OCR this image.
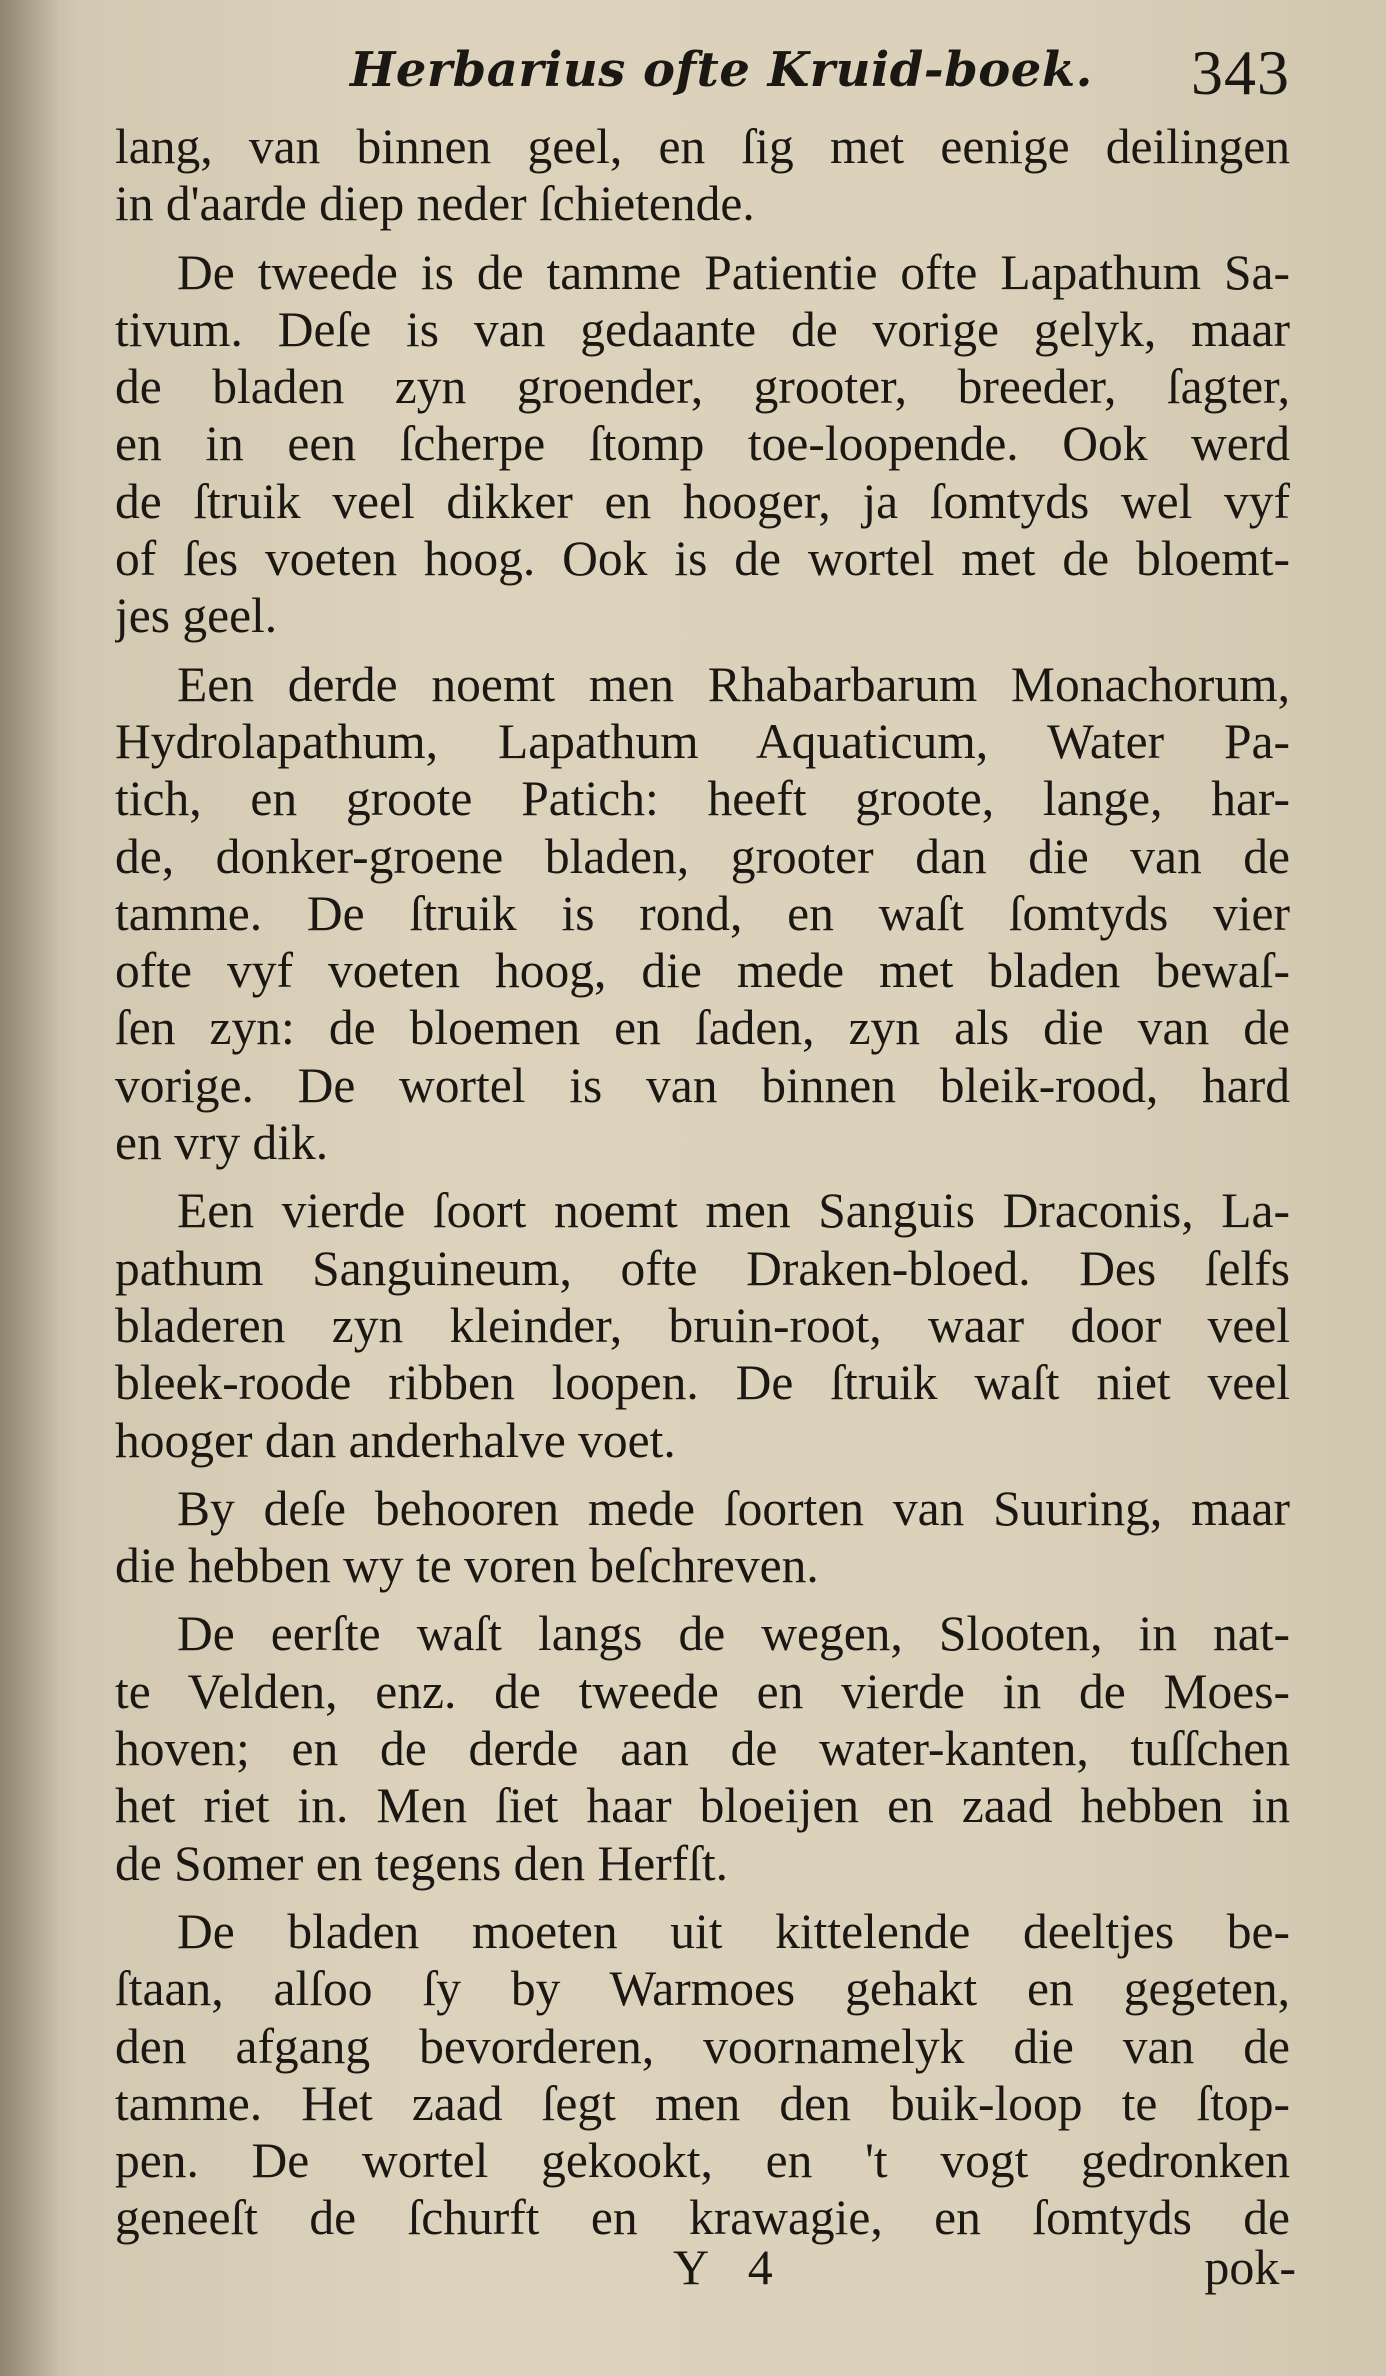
Herbarius ofte Kruid-boek. 343
lang, van binnen geel, en ſig met eenige deilingen
in d'aarde diep neder ſchietende.
De tweede is de tamme Patientie ofte Lapathum Sa-
tivum. Deſe is van gedaante de vorige gelyk, maar
de bladen zyn groender, grooter, breeder, ſagter,
en in een ſcherpe ſtomp toe-loopende. Ook werd
de ſtruik veel dikker en hooger, ja ſomtyds wel vyf
of ſes voeten hoog. Ook is de wortel met de bloemt-
jes geel.
Een derde noemt men Rhabarbarum Monachorum,
Hydrolapathum, Lapathum Aquaticum, Water Pa-
tich, en groote Patich: heeft groote, lange, har-
de, donker-groene bladen, grooter dan die van de
tamme. De ſtruik is rond, en waſt ſomtyds vier
ofte vyf voeten hoog, die mede met bladen bewaſ-
ſen zyn: de bloemen en ſaden, zyn als die van de
vorige. De wortel is van binnen bleik-rood, hard
en vry dik.
Een vierde ſoort noemt men Sanguis Draconis, La-
pathum Sanguineum, ofte Draken-bloed. Des ſelfs
bladeren zyn kleinder, bruin-root, waar door veel
bleek-roode ribben loopen. De ſtruik waſt niet veel
hooger dan anderhalve voet.
By deſe behooren mede ſoorten van Suuring, maar
die hebben wy te voren beſchreven.
De eerſte waſt langs de wegen, Slooten, in nat-
te Velden, enz. de tweede en vierde in de Moes-
hoven; en de derde aan de water-kanten, tuſſchen
het riet in. Men ſiet haar bloeijen en zaad hebben in
de Somer en tegens den Herfſt.
De bladen moeten uit kittelende deeltjes be-
ſtaan, alſoo ſy by Warmoes gehakt en gegeten,
den afgang bevorderen, voornamelyk die van de
tamme. Het zaad ſegt men den buik-loop te ſtop-
pen. De wortel gekookt, en 't vogt gedronken
geneeſt de ſchurft en krawagie, en ſomtyds de
Y 4	pok-
